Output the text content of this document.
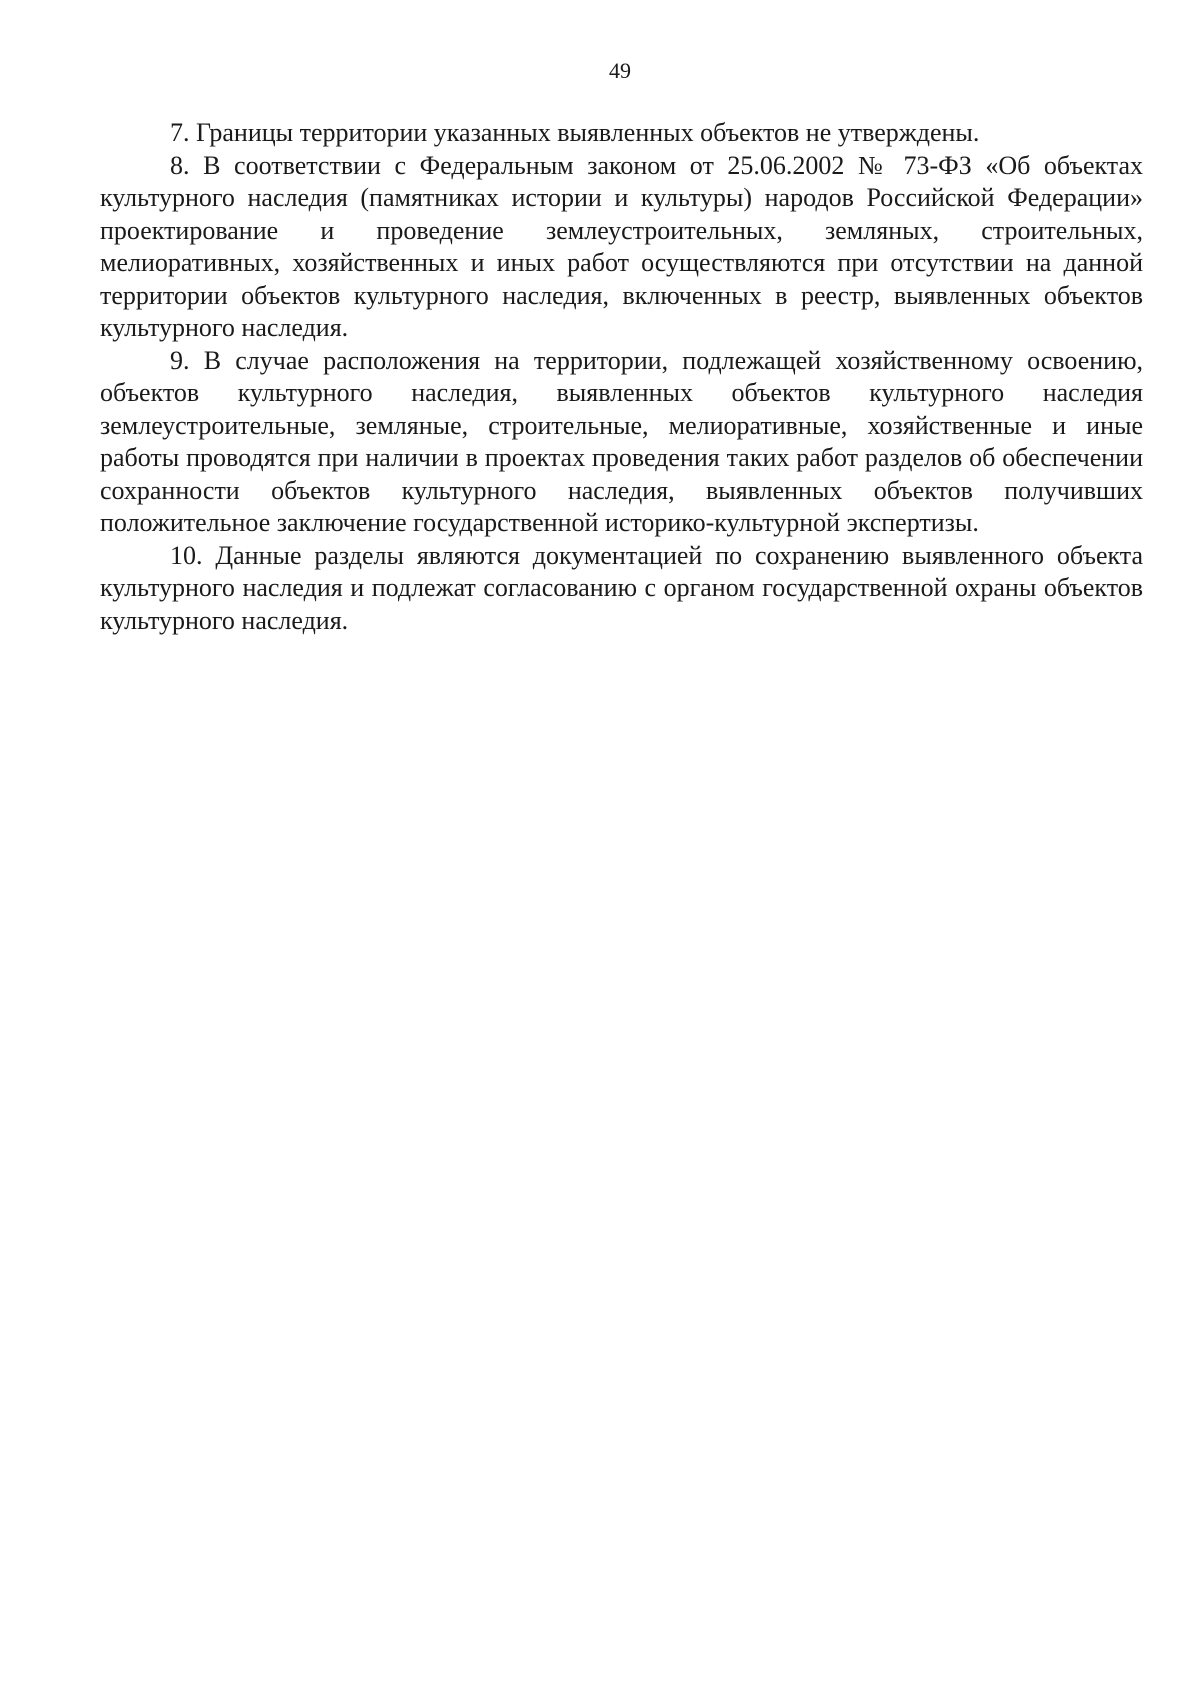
49

7. Границы территории указанных выявленных объектов не утверждены.

8. В соответствии с Федеральным законом от 25.06.2002 № 73-ФЗ «Об объектах культурного наследия (памятниках истории и культуры) народов Российской Федерации» проектирование и проведение землеустроительных, земляных, строительных, мелиоративных, хозяйственных и иных работ осуществляются при отсутствии на данной территории объектов культурного наследия, включенных в реестр, выявленных объектов культурного наследия.

9. В случае расположения на территории, подлежащей хозяйственному освоению, объектов культурного наследия, выявленных объектов культурного наследия землеустроительные, земляные, строительные, мелиоративные, хозяйственные и иные работы проводятся при наличии в проектах проведения таких работ разделов об обеспечении сохранности объектов культурного наследия, выявленных объектов получивших положительное заключение государственной историко-культурной экспертизы.

10. Данные разделы являются документацией по сохранению выявленного объекта культурного наследия и подлежат согласованию с органом государственной охраны объектов культурного наследия.
